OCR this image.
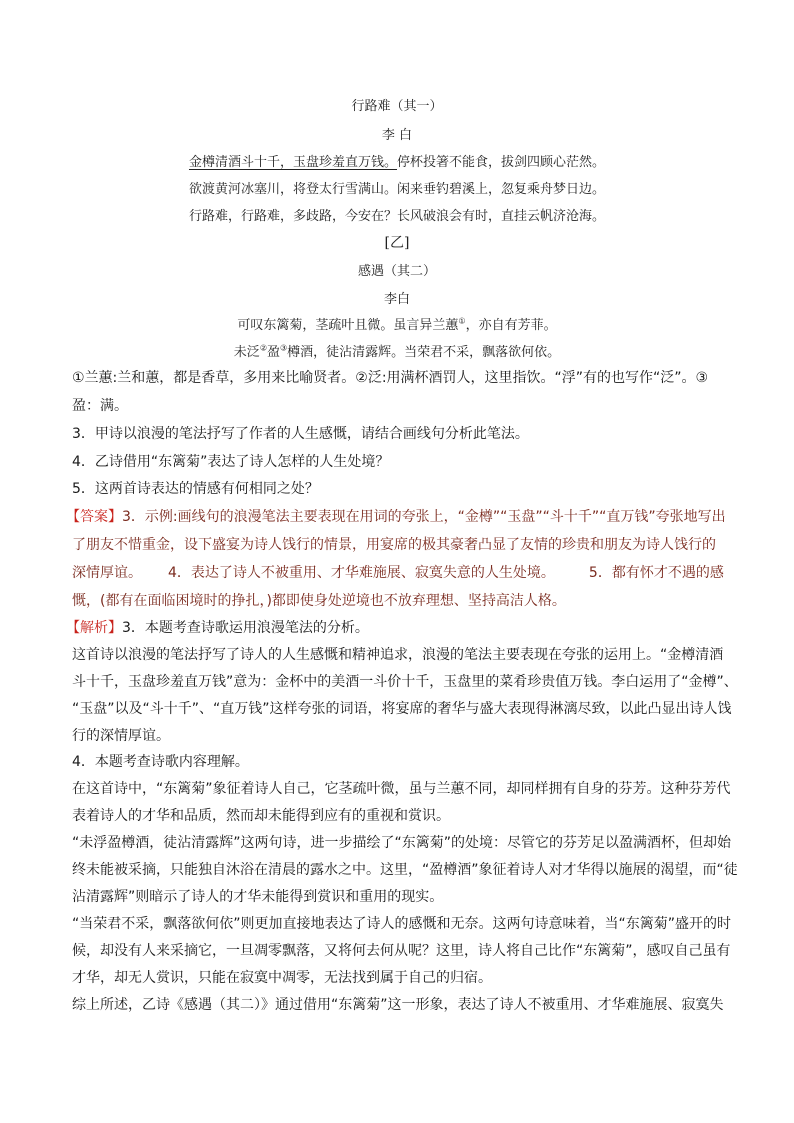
行路难（其一）
李 白
金樽清酒斗十千，玉盘珍羞直万钱。停杯投箸不能食，拔剑四顾心茫然。
欲渡黄河冰塞川，将登太行雪满山。闲来垂钓碧溪上，忽复乘舟梦日边。
行路难，行路难，多歧路，今安在？长风破浪会有时，直挂云帆济沧海。
[乙]
感遇（其二）
李白
可叹东篱菊，茎疏叶且微。虽言异兰蕙①，亦自有芳菲。
未泛②盈③樽酒，徒沾清露辉。当荣君不采，飘落欲何依。
①兰蕙:兰和蕙，都是香草，多用来比喻贤者。②泛:用满杯酒罚人，这里指饮。“浮”有的也写作“泛”。③
盈：满。
3．甲诗以浪漫的笔法抒写了作者的人生感慨，请结合画线句分析此笔法。
4．乙诗借用“东篱菊”表达了诗人怎样的人生处境？
5．这两首诗表达的情感有何相同之处？
【答案】3．示例:画线句的浪漫笔法主要表现在用词的夸张上，“金樽”“玉盘”“斗十千”“直万钱”夸张地写出
了朋友不惜重金，设下盛宴为诗人饯行的情景，用宴席的极其豪奢凸显了友情的珍贵和朋友为诗人饯行的
深情厚谊。 4．表达了诗人不被重用、才华难施展、寂寞失意的人生处境。 5．都有怀才不遇的感
慨，(都有在面临困境时的挣扎，)都即使身处逆境也不放弃理想、坚持高洁人格。
【解析】3．本题考查诗歌运用浪漫笔法的分析。
这首诗以浪漫的笔法抒写了诗人的人生感慨和精神追求，浪漫的笔法主要表现在夸张的运用上。“金樽清酒
斗十千，玉盘珍羞直万钱”意为：金杯中的美酒一斗价十千，玉盘里的菜肴珍贵值万钱。李白运用了“金樽”、
“玉盘”以及“斗十千”、“直万钱”这样夸张的词语，将宴席的奢华与盛大表现得淋漓尽致，以此凸显出诗人饯
行的深情厚谊。
4．本题考查诗歌内容理解。
在这首诗中，“东篱菊”象征着诗人自己，它茎疏叶微，虽与兰蕙不同，却同样拥有自身的芬芳。这种芬芳代
表着诗人的才华和品质，然而却未能得到应有的重视和赏识。
“未浮盈樽酒，徒沾清露辉”这两句诗，进一步描绘了“东篱菊”的处境：尽管它的芬芳足以盈满酒杯，但却始
终未能被采摘，只能独自沐浴在清晨的露水之中。这里，“盈樽酒”象征着诗人对才华得以施展的渴望，而“徒
沾清露辉”则暗示了诗人的才华未能得到赏识和重用的现实。
“当荣君不采，飘落欲何依”则更加直接地表达了诗人的感慨和无奈。这两句诗意味着，当“东篱菊”盛开的时
候，却没有人来采摘它，一旦凋零飘落，又将何去何从呢？这里，诗人将自己比作“东篱菊”，感叹自己虽有
才华，却无人赏识，只能在寂寞中凋零，无法找到属于自己的归宿。
综上所述，乙诗《感遇（其二）》通过借用“东篱菊”这一形象，表达了诗人不被重用、才华难施展、寂寞失
